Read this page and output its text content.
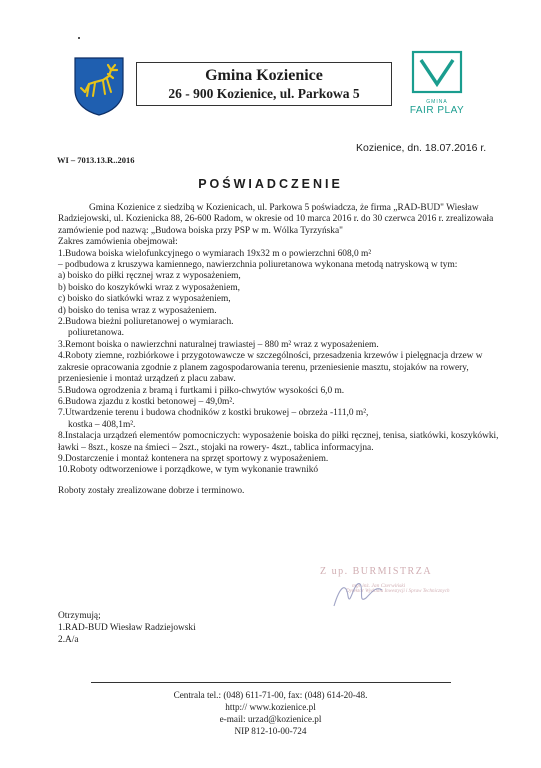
Gmina Kozienice
26 - 900 Kozienice, ul. Parkowa 5
GMINA
FAIR PLAY
Kozienice, dn. 18.07.2016 r.
WI – 7013.13.R..2016
POŚWIADCZENIE

Gmina Kozienice z siedzibą w Kozienicach, ul. Parkowa 5 poświadcza, że firma „RAD-BUD" Wiesław Radziejowski, ul. Kozienicka 88, 26-600 Radom, w okresie od 10 marca 2016 r. do 30 czerwca 2016 r. zrealizowała zamówienie pod nazwą: „Budowa boiska przy PSP w m. Wólka Tyrzyńska"

Zakres zamówienia obejmował:

1.Budowa boiska wielofunkcyjnego o wymiarach 19x32 m o powierzchni 608,0 m²

– podbudowa z kruszywa kamiennego, nawierzchnia poliuretanowa wykonana metodą natryskową w tym:

a) boisko do piłki ręcznej wraz z wyposażeniem,

b) boisko do koszykówki wraz z wyposażeniem,

c) boisko do siatkówki wraz z wyposażeniem,

d) boisko do tenisa wraz z wyposażeniem.

2.Budowa bieżni poliuretanowej o wymiarach.

poliuretanowa.

3.Remont boiska o nawierzchni naturalnej trawiastej – 880 m² wraz z wyposażeniem.

4.Roboty ziemne, rozbiórkowe i przygotowawcze w szczególności, przesadzenia krzewów i pielęgnacja drzew w zakresie opracowania zgodnie z planem zagospodarowania terenu, przeniesienie masztu, stojaków na rowery, przeniesienie i montaż urządzeń z placu zabaw.

5.Budowa ogrodzenia z bramą i furtkami i piłko-chwytów wysokości 6,0 m.

6.Budowa zjazdu z kostki betonowej – 49,0m².

7.Utwardzenie terenu i budowa chodników z kostki brukowej – obrzeża -111,0 m²,

kostka – 408,1m².

8.Instalacja urządzeń elementów pomocniczych: wyposażenie boiska do piłki ręcznej, tenisa, siatkówki, koszykówki, ławki – 8szt., kosze na śmieci – 2szt., stojaki na rowery- 4szt., tablica informacyjna.

9.Dostarczenie i montaż kontenera na sprzęt sportowy z wyposażeniem.

10.Roboty odtworzeniowe i porządkowe, w tym wykonanie trawnikó

Roboty zostały zrealizowane dobrze i terminowo.

Z up. BURMISTRZA
mgr inż. Jan Czerwiński
Dyrektor Wydziału Inwestycji i Spraw Technicznych

Otrzymują;

1.RAD-BUD Wiesław Radziejowski

2.A/a

Centrala tel.: (048) 611-71-00, fax: (048) 614-20-48.
http:// www.kozienice.pl
e-mail: urzad@kozienice.pl
NIP 812-10-00-724
